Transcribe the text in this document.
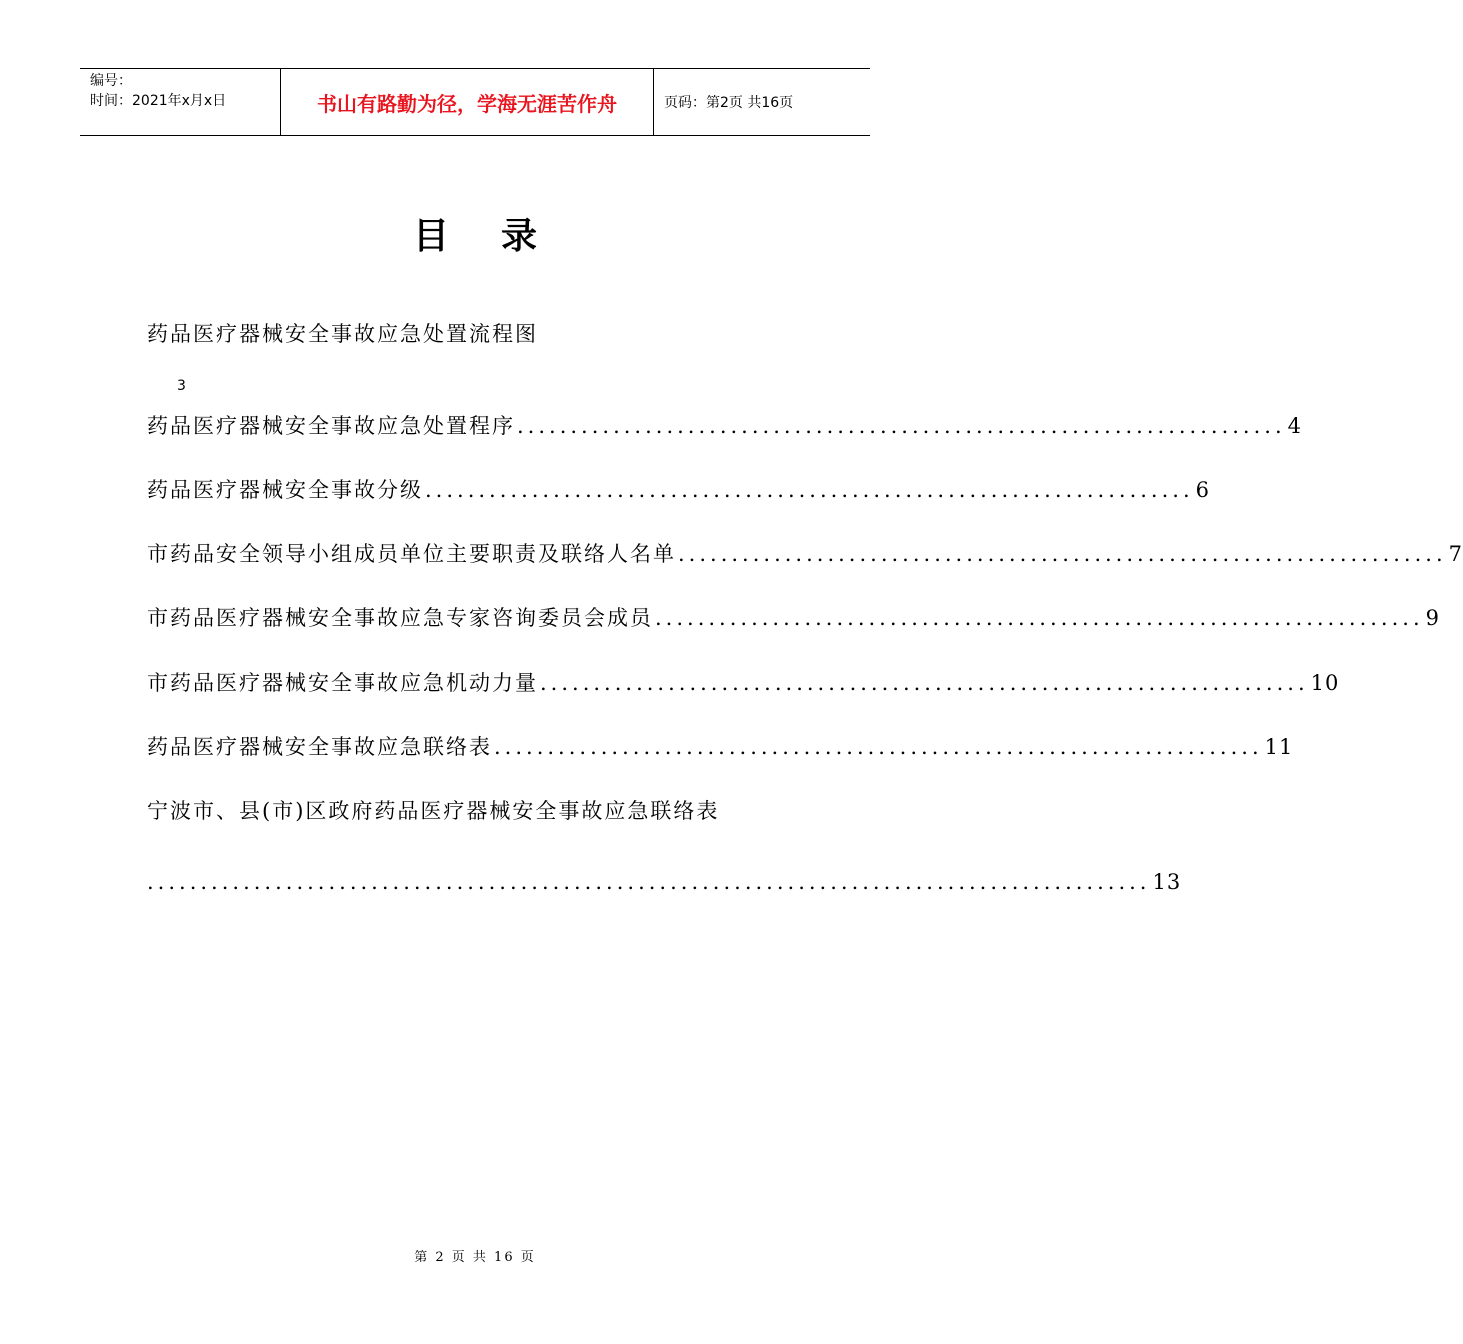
编号：
时间：2021年x月x日	书山有路勤为径，学海无涯苦作舟	页码：第2页 共16页
目录
药品医疗器械安全事故应急处置流程图
3
药品医疗器械安全事故应急处置程序 ........................................................................ 4
药品医疗器械安全事故分级 ........................................................................ 6
市药品安全领导小组成员单位主要职责及联络人名单 ........................................................................ 7
市药品医疗器械安全事故应急专家咨询委员会成员 ........................................................................ 9
市药品医疗器械安全事故应急机动力量 ........................................................................ 10
药品医疗器械安全事故应急联络表 ........................................................................ 11
宁波市、县(市)区政府药品医疗器械安全事故应急联络表
.............................................................................................. 13
第 2 页 共 16 页
